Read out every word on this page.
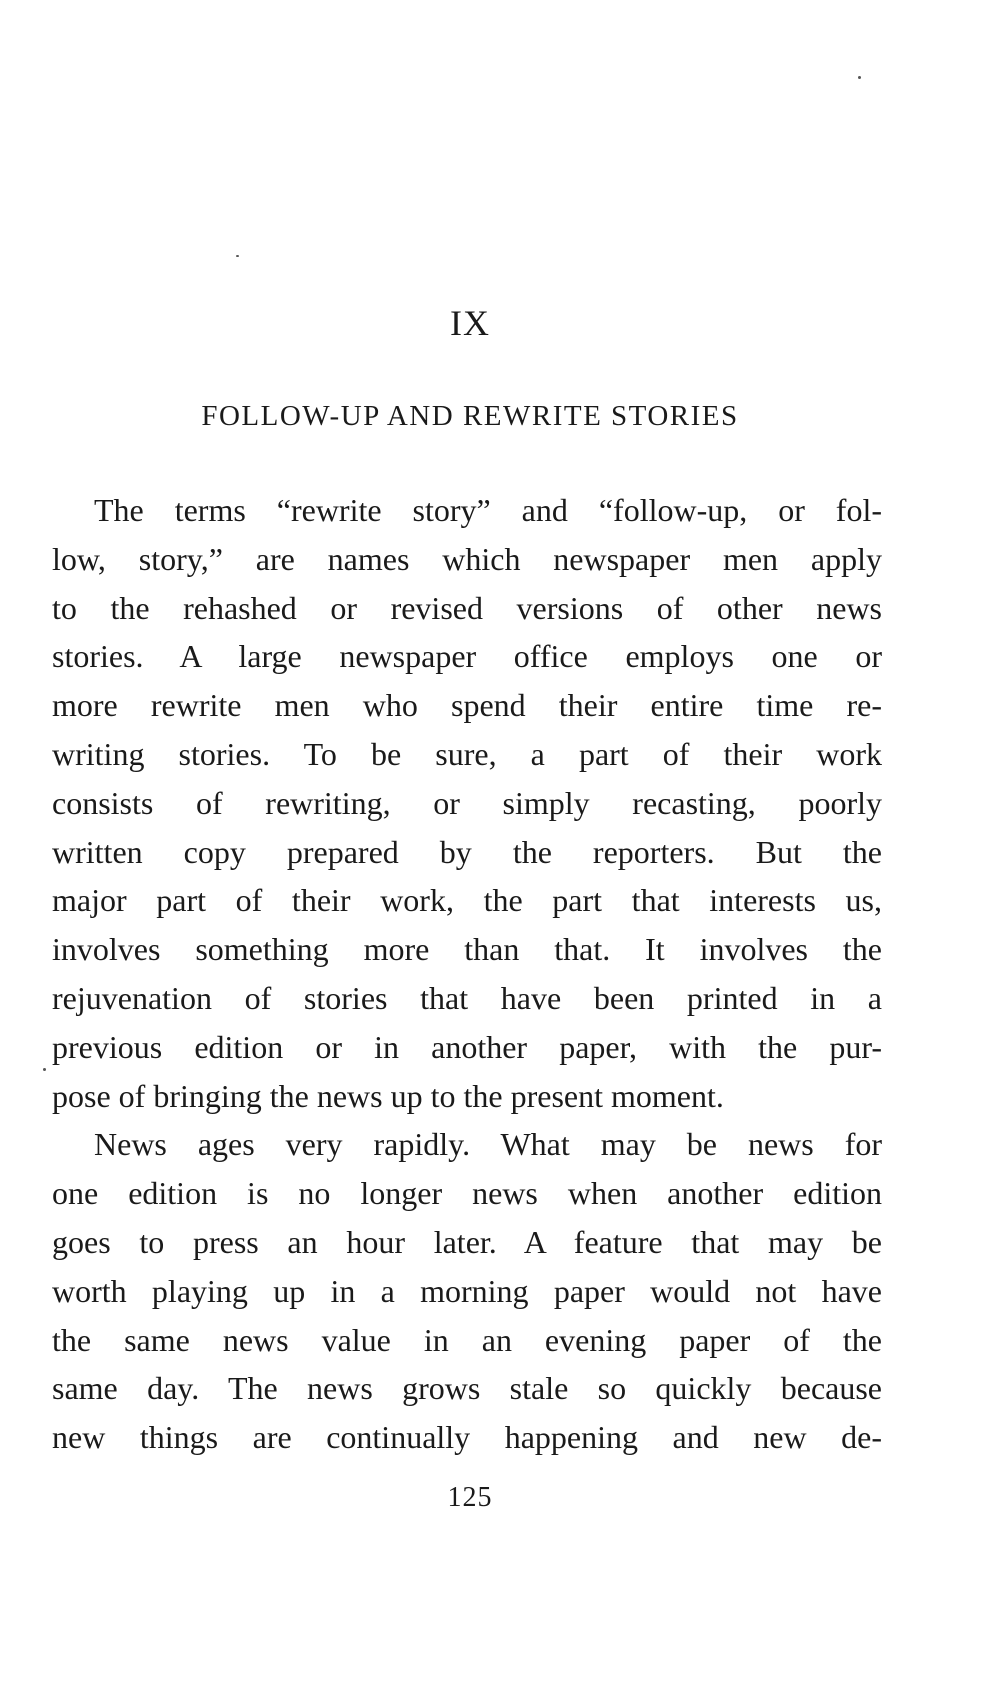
IX
FOLLOW-UP AND REWRITE STORIES
The terms “rewrite story” and “follow-up, or fol-
low, story,” are names which newspaper men apply
to the rehashed or revised versions of other news
stories. A large newspaper office employs one or
more rewrite men who spend their entire time re-
writing stories. To be sure, a part of their work
consists of rewriting, or simply recasting, poorly
written copy prepared by the reporters. But the
major part of their work, the part that interests us,
involves something more than that. It involves the
rejuvenation of stories that have been printed in a
previous edition or in another paper, with the pur-
pose of bringing the news up to the present moment.
News ages very rapidly. What may be news for
one edition is no longer news when another edition
goes to press an hour later. A feature that may be
worth playing up in a morning paper would not have
the same news value in an evening paper of the
same day. The news grows stale so quickly because
new things are continually happening and new de-
125
